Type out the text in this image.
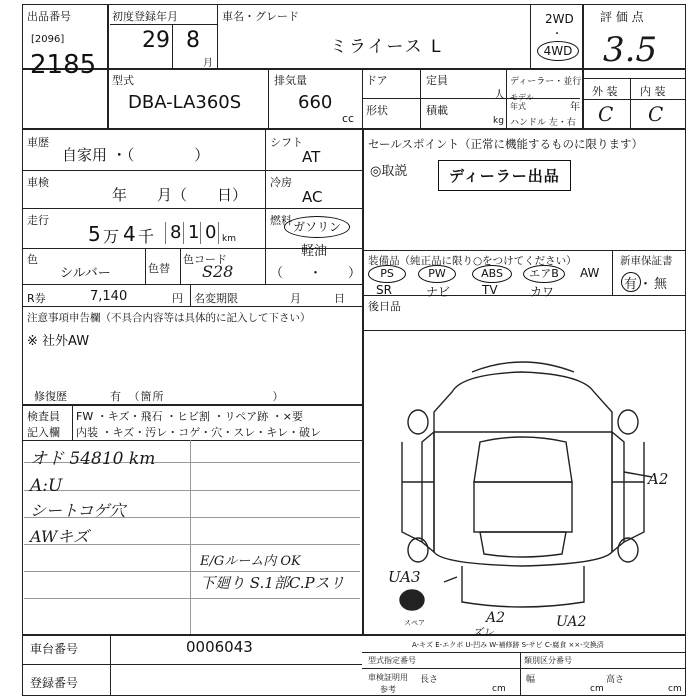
出品番号
[2096]
2185
初度登録年月
29 8
月
車名・グレード
ミライース L
2WD
・
4WD
評 価 点
3.5
型式
DBA-LA360S
排気量
660
cc
ドア
形状
定員
人
積載
kg
ディーラー・並行
モデル年式	年
ハンドル 左・右
外 装 内 装
C C
車歴
自家用 ・（　　　　）
シフト
AT
車検
年　　月（　　日）
冷房
AC
走行
5 万 4 千 8 1 0 km
燃料 ガソリン
軽油
（　　・　　）
色
シルバー	色替
色コード
S28
R券	7,140	円 名変期限	月　　　日
セールスポイント（正常に機能するものに限ります）
◎取説	ディーラー出品
装備品（純正品に限り○をつけてください）
PS	PW	ABS	エアB	AW
SR	ナビ	TV	カワ
新車保証書
有・無
後日品
注意事項申告欄（不具合内容等は具体的に記入して下さい）
※ 社外AW
修復歴	有　（箇所　　　　　　　　　）
検査員
記入欄
FW ・キズ・飛石 ・ヒビ割 ・リペア跡 ・×要
内装 ・キズ・汚レ・コゲ・穴・スレ・キレ・破レ
オド 54810 km
A:U
シートコゲ穴
AWキズ
E/Gルーム内 OK
下廻り S.1部C.Pスリ
A2
UA3
A2
ズレ
UA2
スペア
A-キズ E-エクボ U-凹み W-補修跡 S-サビ C-腐食 ××-交換済
車台番号	0006043
登録番号
型式指定番号	類別区分番号
車検証明用
参考
長さ
cm
幅
cm
高さ
cm
